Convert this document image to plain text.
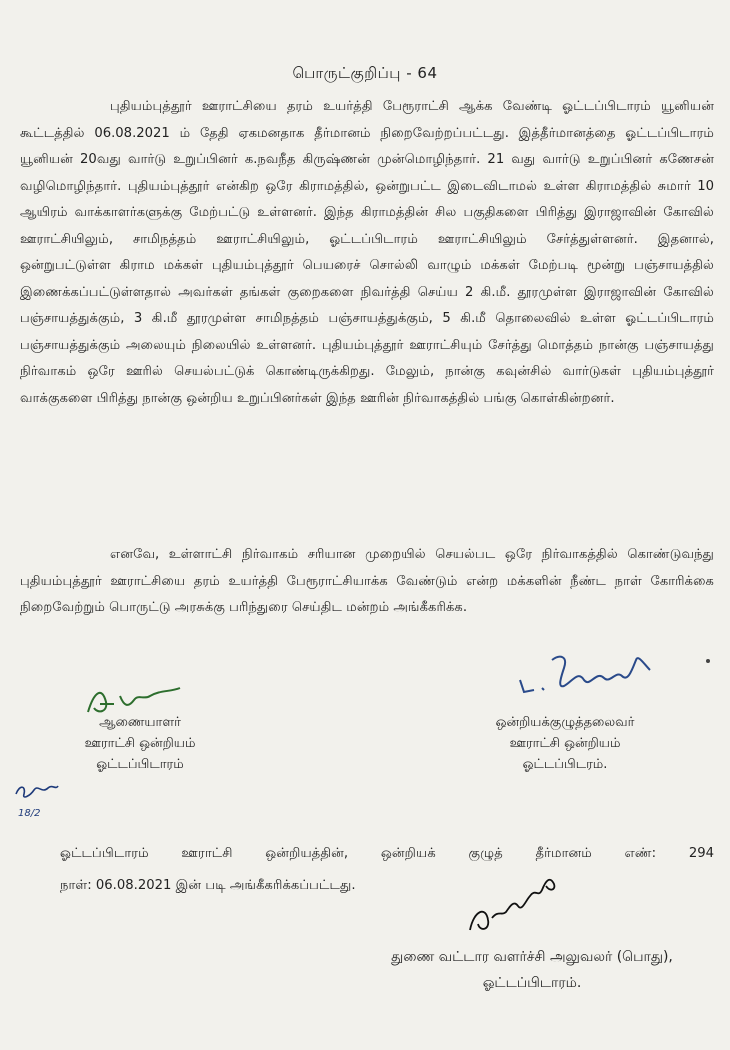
பொருட்குறிப்பு - 64
புதியம்புத்தூர் ஊராட்சியை தரம் உயர்த்தி பேரூராட்சி ஆக்க வேண்டி ஓட்டப்பிடாரம் யூனியன் கூட்டத்தில் 06.08.2021 ம் தேதி ஏகமனதாக தீர்மானம் நிறைவேற்றப்பட்டது. இத்தீர்மானத்தை ஓட்டப்பிடாரம் யூனியன் 20வது வார்டு உறுப்பினர் க.நவநீத கிருஷ்ணன் முன்மொழிந்தார். 21 வது வார்டு உறுப்பினர் கணேசன் வழிமொழிந்தார். புதியம்புத்தூர் என்கிற ஒரே கிராமத்தில், ஒன்றுபட்ட இடைவிடாமல் உள்ள கிராமத்தில் சுமார் 10 ஆயிரம் வாக்காளர்களுக்கு மேற்பட்டு உள்ளனர். இந்த கிராமத்தின் சில பகுதிகளை பிரித்து இராஜாவின் கோவில் ஊராட்சியிலும், சாமிநத்தம் ஊராட்சியிலும், ஓட்டப்பிடாரம் ஊராட்சியிலும் சேர்த்துள்ளனர். இதனால், ஒன்றுபட்டுள்ள கிராம மக்கள் புதியம்புத்தூர் பெயரைச் சொல்லி வாழும் மக்கள் மேற்படி மூன்று பஞ்சாயத்தில் இணைக்கப்பட்டுள்ளதால் அவர்கள் தங்கள் குறைகளை நிவர்த்தி செய்ய 2 கி.மீ. தூரமுள்ள இராஜாவின் கோவில் பஞ்சாயத்துக்கும், 3 கி.மீ தூரமுள்ள சாமிநத்தம் பஞ்சாயத்துக்கும், 5 கி.மீ தொலைவில் உள்ள ஓட்டப்பிடாரம் பஞ்சாயத்துக்கும் அலையும் நிலையில் உள்ளனர். புதியம்புத்தூர் ஊராட்சியும் சேர்த்து மொத்தம் நான்கு பஞ்சாயத்து நிர்வாகம் ஒரே ஊரில் செயல்பட்டுக் கொண்டிருக்கிறது. மேலும், நான்கு கவுன்சில் வார்டுகள் புதியம்புத்தூர் வாக்குகளை பிரித்து நான்கு ஒன்றிய உறுப்பினர்கள் இந்த ஊரின் நிர்வாகத்தில் பங்கு கொள்கின்றனர்.
எனவே, உள்ளாட்சி நிர்வாகம் சரியான முறையில் செயல்பட ஒரே நிர்வாகத்தில் கொண்டுவந்து புதியம்புத்தூர் ஊராட்சியை தரம் உயர்த்தி பேரூராட்சியாக்க வேண்டும் என்ற மக்களின் நீண்ட நாள் கோரிக்கை நிறைவேற்றும் பொருட்டு அரசுக்கு பரிந்துரை செய்திட மன்றம் அங்கீகரிக்க.
ஆணையாளர்
ஊராட்சி ஒன்றியம்
ஓட்டப்பிடாரம்
ஒன்றியக்குழுத்தலைவர்
ஊராட்சி ஒன்றியம்
ஓட்டப்பிடரம்.
18/2
ஓட்டப்பிடாரம் ஊராட்சி ஒன்றியத்தின், ஒன்றியக் குழுத் தீர்மானம் எண்: 294
நாள்: 06.08.2021 இன் படி அங்கீகரிக்கப்பட்டது.
துணை வட்டார வளர்ச்சி அலுவலர் (பொது),
ஓட்டப்பிடாரம்.
